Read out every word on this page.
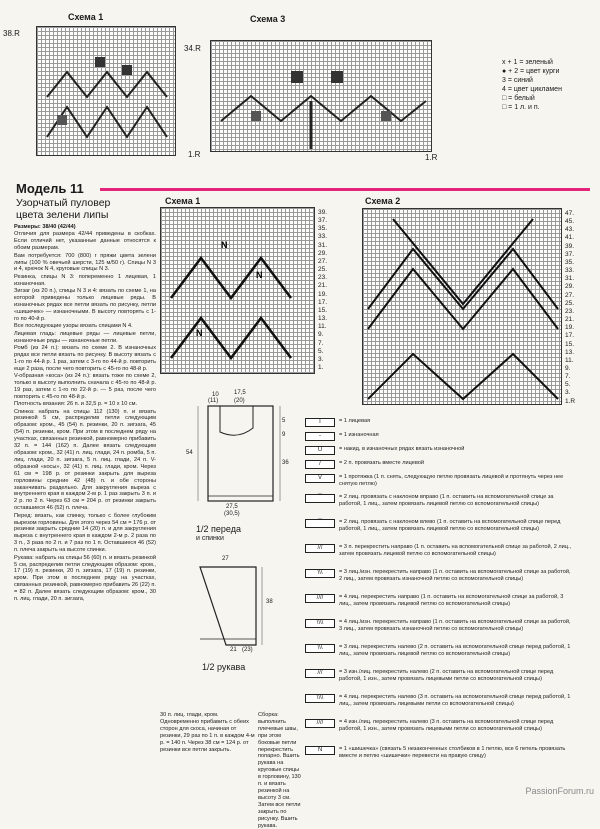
Схема 1	Схема 3
38.R
34.R
1.R	1.R
x + 1 = зеленый
● + 2 = цвет курги
3 = синий
4 = цвет цикламен
□ = белый
□ = 1 л. и п.
Модель 11
Узорчатый пуловер
цвета зелени липы

Размеры: 38/40 (42/44)

Отличия для размера 42/44 приведены в скобках. Если отличий нет, указанные данные относятся к обоим размерам.

Вам потребуется: 700 (800) г пряжи цвета зелени липы (100 % овечьей шерсти, 125 м/50 г). Спицы N 3 и 4, крючок N 4, круговые спицы N 3.

Резинка, спицы N 3: попеременно 1 лицевая, 1 изнаночная.

Зигзаг (из 20 п.), спицы N 3 и 4: вязать по схеме 1, на которой приведены только лицевые ряды. В изнаночных рядах все петли вязать по рисунку, петли «шишечек» — изнаночными. В высоту повторять с 1-го по 40-й р.

Все последующие узоры вязать спицами N 4.

Лицевая гладь: лицевые ряды — лицевые петли, изнаночные ряды — изнаночные петли.

Ромб (из 24 п.): вязать по схеме 2. В изнаночных рядах все петли вязать по рисунку. В высоту вязать с 1-го по 44-й р. 1 раз, затем с 3-го по 44-й р. повторить еще 2 раза, после чего повторить с 45-го по 48-й р.

V-образная «коса» (из 24 п.): вязать тоже по схеме 2, только в высоту выполнить сначала с 45-го по 48-й р. 19 раз, затем с 1-го по 22-й р. — 5 раз, после чего повторить с 45-го по 48-й р.

Плотность вязания: 26 п. и 32,5 р. = 10 х 10 см.

Спинка: набрать на спицы 112 (130) п. и вязать резинкой 5 см, распределив петли следующим образом: кром., 45 (54) п. резинки, 20 п. зигзага, 45 (54) п. резинки, кром. При этом в последнем ряду на участках, связанных резинкой, равномерно прибавить 32 п. = 144 (162) п. Далее вязать следующим образом: кром., 32 (41) п. лиц. глади, 24 п. ромба, 5 п. лиц. глади, 20 п. зигзага, 5 п. лиц. глади, 24 п. V-образной «косы», 32 (41) п. лиц. глади, кром. Через 61 см = 198 р. от резинки закрыть для выреза горловины средние 42 (48) п. и обе стороны заканчивать раздельно. Для закругления выреза с внутреннего края в каждом 2-м р. 1 раз закрыть 3 п. и 2 р. по 2 п. Через 63 см = 204 р. от резинки закрыть оставшиеся 46 (52) п. плеча.

Перед: вязать, как спинку, только с более глубоким вырезом горловины. Для этого через 54 см = 176 р. от резинки закрыть средние 14 (20) п. и для закругления выреза с внутреннего края в каждом 2-м р. 2 раза по 3 п., 3 раза по 2 п. и 7 раз по 1 п. Оставшиеся 46 (52) п. плеча закрыть на высоте спинки.

Рукава: набрать на спицы 56 (60) п. и вязать резинкой 5 см, распределив петли следующим образом: кром., 17 (19) п. резинки, 20 п. зигзага, 17 (19) п. резинки, кром. При этом в последнем ряду на участках, связанных резинкой, равномерно прибавить 26 (22) п. = 82 п. Далее вязать следующим образом: кром., 30 п. лиц. глади, 20 п. зигзага,

Схема 1
N
N
N
39.
37.
35.
33.
31.
29.
27.
25.
23.
21.
19.
17.
15.
13.
11.
9.
7.
5.
3.
1.
Схема 2
47.
45.
43.
41.
39.
37.
35.
33.
31.
29.
27.
25.
23.
21.
19.
17.
15.
13.
11.
9.
7.
5.
3.
1.R
10	17,5
(11)	(20)
5
9
54
36
27,5
(30,5)
1/2 переда
и спинки
27
38
21 (23)
1/2 рукава
30 п. лиц. глади, кром. Одновременно прибавить с обеих сторон для скоса, начиная от резинки, 29 раз по 1 п. в каждом 4-м р. = 140 п. Через 38 см = 124 р. от резинки все петли закрыть.
Сборка: выполнить плечевые швы, при этом боковые петли перекрестить попарно. Вшить рукава на круговые спицы в горловину, 130 п. и вязать резинкой на высоту 3 см. Затем все петли закрыть по рисунку. Вшить рукава.
I	= 1 лицевая
-	= 1 изнаночная
U	= накид, в изнаночных рядах вязать изнаночной
/	= 2 п. провязать вместе лицевой
V	= 1 протяжка (1 п. снять, следующую петлю провязать лицевой и протянуть через нее снятую петлю)
⌒	= 2 лиц. провязать с наклоном вправо (1 п. оставить на вспомогательной спице за работой, 1 лиц., затем провязать лицевой петлю со вспомогательной спицы)
⌒	= 2 лиц. провязать с наклоном влево (1 п. оставить на вспомогательной спице перед работой, 1 лиц., затем провязать лицевой петлю со вспомогательной спицы)
///	= 3 п. перекрестить направо (1 п. оставить на вспомогательной спице за работой, 2 лиц., затем провязать лицевой петлю со вспомогательной спицы)
\\\	= 3 лиц./изн. перекрестить направо (1 п. оставить на вспомогательной спице за работой, 2 лиц., затем провязать изнаночной петлю со вспомогательной спицы)
////	= 4 лиц. перекрестить направо (1 п. оставить на вспомогательной спице за работой, 3 лиц., затем провязать лицевой петлю со вспомогательной спицы)
\\\\	= 4 лиц./изн. перекрестить направо (1 п. оставить на вспомогательной спице за работой, 3 лиц., затем провязать изнаночной петлю со вспомогательной спицы)
\\\	= 3 лиц. перекрестить налево (2 п. оставить на вспомогательной спице перед работой, 1 лиц., затем провязать лицевой петлю со вспомогательной спицы)
///	= 3 изн./лиц. перекрестить налево (2 п. оставить на вспомогательной спице перед работой, 1 изн., затем провязать лицевыми петли со вспомогательной спицы)
\\\\	= 4 лиц. перекрестить налево (3 п. оставить на вспомогательной спице перед работой, 1 лиц., затем провязать лицевыми петли со вспомогательной спицы)
////	= 4 изн./лиц. перекрестить налево (3 п. оставить на вспомогательной спице перед работой, 1 изн., затем провязать лицевыми петли со вспомогательной спицы)
N	= 1 «шишечка» (связать 5 незаконченных столбиков в 1 петлю, все 6 петель провязать вместе и петлю «шишечки» перевести на правую спицу)
PassionForum.ru
